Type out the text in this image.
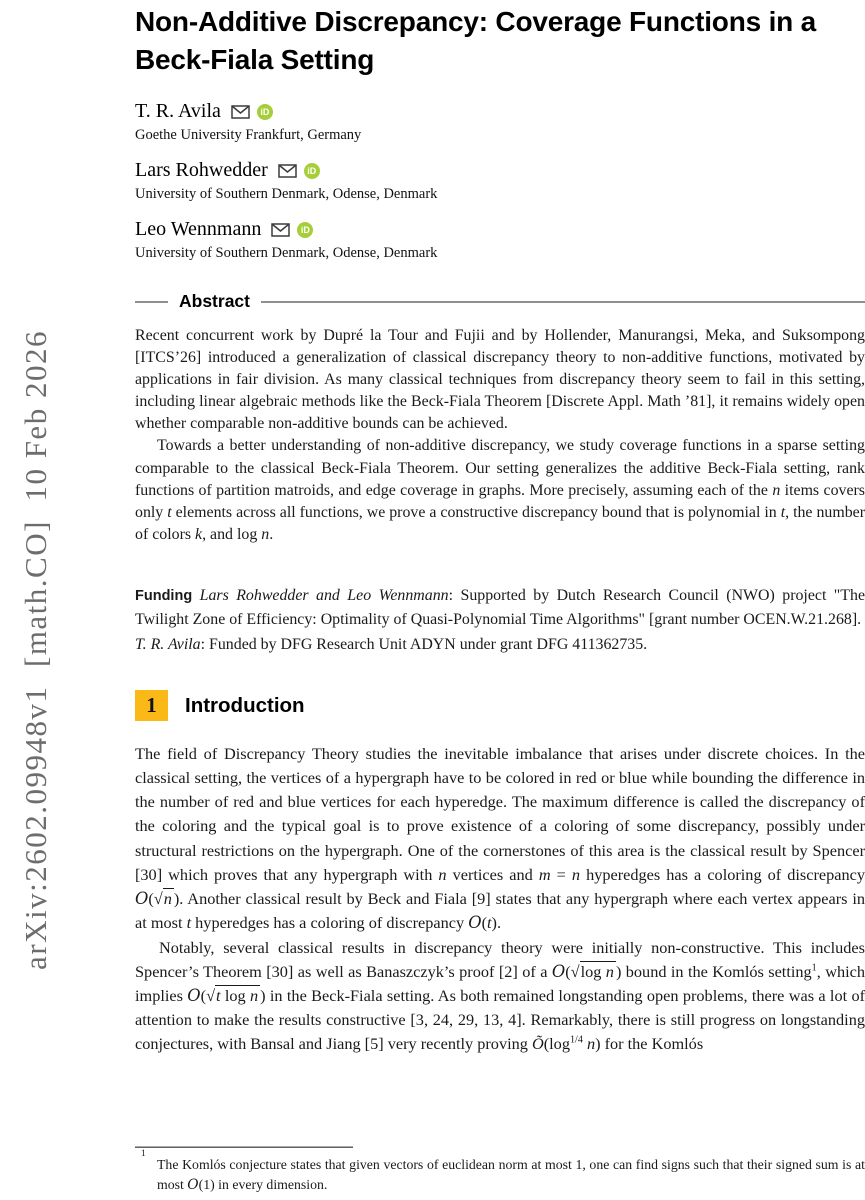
arXiv:2602.09948v1  [math.CO]  10 Feb 2026
Non-Additive Discrepancy: Coverage Functions in a Beck-Fiala Setting
T. R. Avila	iD
Goethe University Frankfurt, Germany
Lars Rohwedder	iD
University of Southern Denmark, Odense, Denmark
Leo Wennmann	iD
University of Southern Denmark, Odense, Denmark
Abstract

Recent concurrent work by Dupré la Tour and Fujii and by Hollender, Manurangsi, Meka, and Suksompong [ITCS’26] introduced a generalization of classical discrepancy theory to non-additive functions, motivated by applications in fair division. As many classical techniques from discrepancy theory seem to fail in this setting, including linear algebraic methods like the Beck-Fiala Theorem [Discrete Appl. Math ’81], it remains widely open whether comparable non-additive bounds can be achieved.

Towards a better understanding of non-additive discrepancy, we study coverage functions in a sparse setting comparable to the classical Beck-Fiala Theorem. Our setting generalizes the additive Beck-Fiala setting, rank functions of partition matroids, and edge coverage in graphs. More precisely, assuming each of the n items covers only t elements across all functions, we prove a constructive discrepancy bound that is polynomial in t, the number of colors k, and log n.

Funding Lars Rohwedder and Leo Wennmann: Supported by Dutch Research Council (NWO) project "The Twilight Zone of Efficiency: Optimality of Quasi-Polynomial Time Algorithms" [grant number OCEN.W.21.268].
T. R. Avila: Funded by DFG Research Unit ADYN under grant DFG 411362735.
1	Introduction

The field of Discrepancy Theory studies the inevitable imbalance that arises under discrete choices. In the classical setting, the vertices of a hypergraph have to be colored in red or blue while bounding the difference in the number of red and blue vertices for each hyperedge. The maximum difference is called the discrepancy of the coloring and the typical goal is to prove existence of a coloring of some discrepancy, possibly under structural restrictions on the hypergraph. One of the cornerstones of this area is the classical result by Spencer [30] which proves that any hypergraph with n vertices and m = n hyperedges has a coloring of discrepancy O(√n ). Another classical result by Beck and Fiala [9] states that any hypergraph where each vertex appears in at most t hyperedges has a coloring of discrepancy O(t).

Notably, several classical results in discrepancy theory were initially non-constructive. This includes Spencer’s Theorem [30] as well as Banaszczyk’s proof [2] of a O(√log n ) bound in the Komlós setting$^1$, which implies O(√t log n ) in the Beck-Fiala setting. As both remained longstanding open problems, there was a lot of attention to make the results constructive [3, 24, 29, 13, 4]. Remarkably, there is still progress on longstanding conjectures, with Bansal and Jiang [5] very recently proving $Õ(\log^{1/4}$ n) for the Komlós

1
The Komlós conjecture states that given vectors of euclidean norm at most 1, one can find signs such that their signed sum is at most O(1) in every dimension.
